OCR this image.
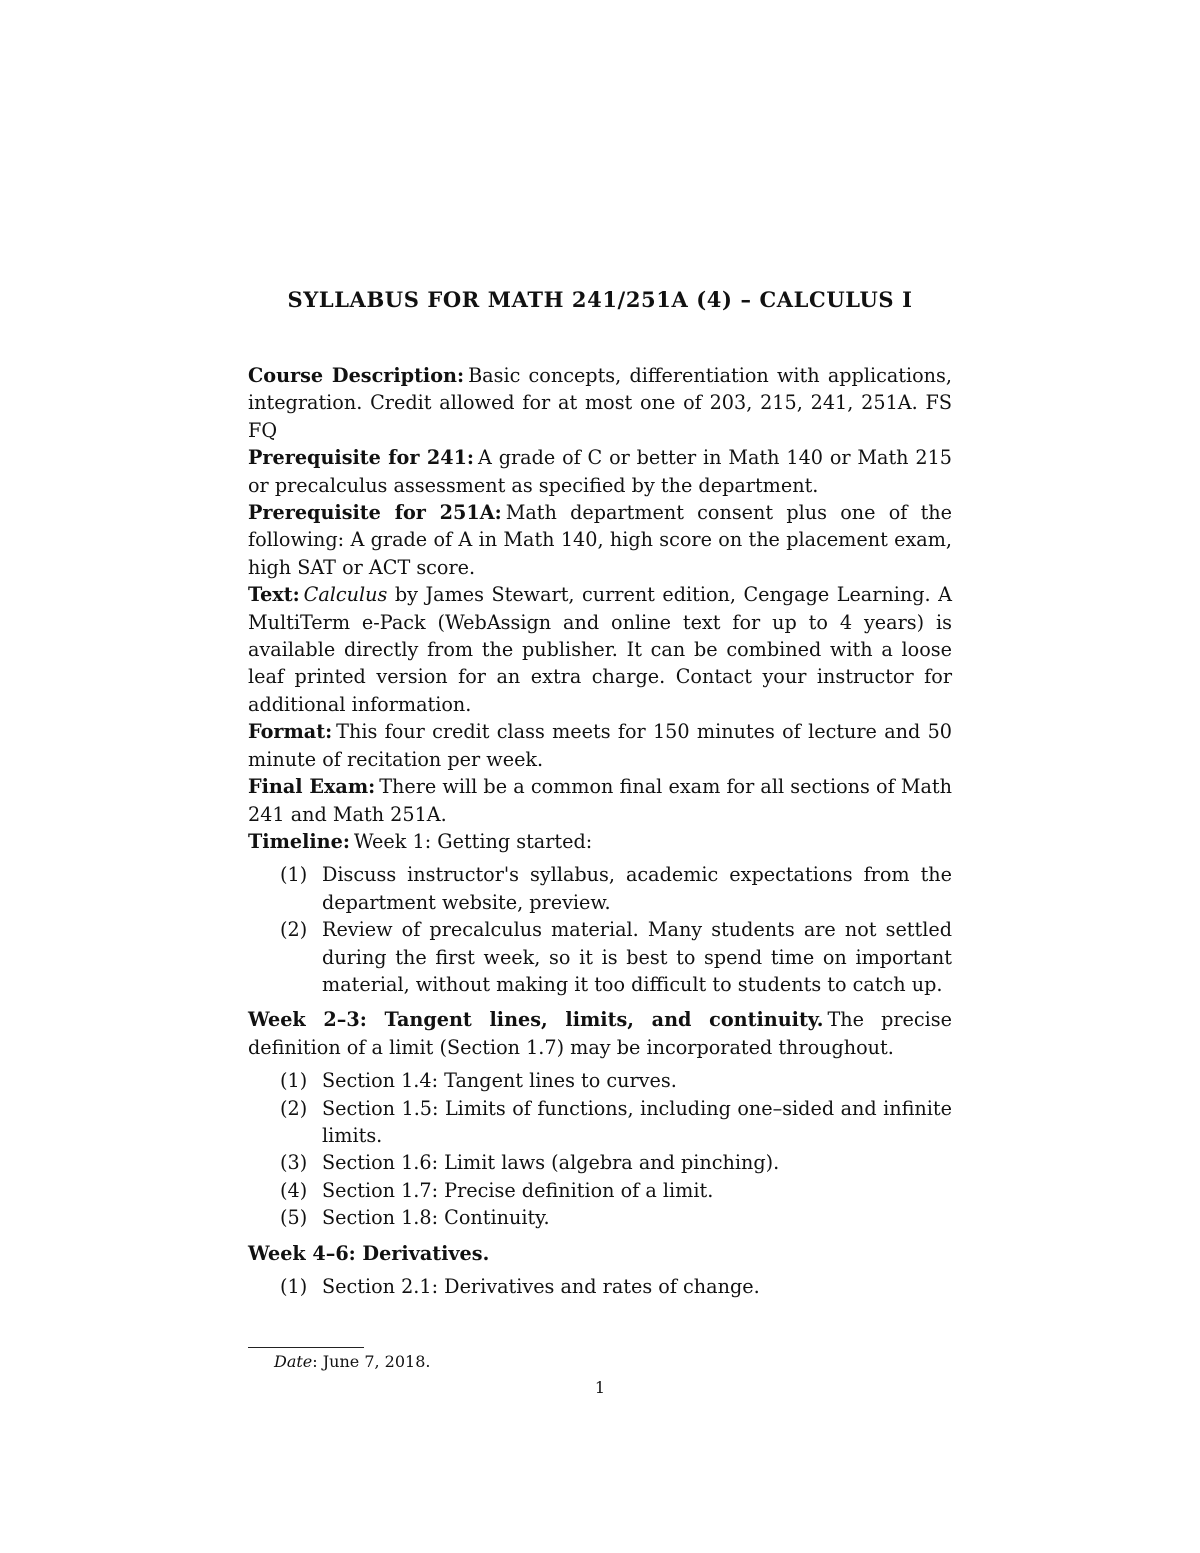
SYLLABUS FOR MATH 241/251A (4) – CALCULUS I

Course Description: Basic concepts, differentiation with applications, integration. Credit allowed for at most one of 203, 215, 241, 251A. FS FQ

Prerequisite for 241: A grade of C or better in Math 140 or Math 215 or precalculus assessment as specified by the department.

Prerequisite for 251A: Math department consent plus one of the following: A grade of A in Math 140, high score on the placement exam, high SAT or ACT score.

Text: Calculus by James Stewart, current edition, Cengage Learning. A MultiTerm e-Pack (WebAssign and online text for up to 4 years) is available directly from the publisher. It can be combined with a loose leaf printed version for an extra charge. Contact your instructor for additional information.

Format: This four credit class meets for 150 minutes of lecture and 50 minute of recitation per week.

Final Exam: There will be a common final exam for all sections of Math 241 and Math 251A.

Timeline: Week 1: Getting started:

(1) Discuss instructor's syllabus, academic expectations from the department website, preview.
(2) Review of precalculus material. Many students are not settled during the first week, so it is best to spend time on important material, without making it too difficult to students to catch up.

Week 2–3: Tangent lines, limits, and continuity. The precise definition of a limit (Section 1.7) may be incorporated throughout.

(1) Section 1.4: Tangent lines to curves.
(2) Section 1.5: Limits of functions, including one–sided and infinite limits.
(3) Section 1.6: Limit laws (algebra and pinching).
(4) Section 1.7: Precise definition of a limit.
(5) Section 1.8: Continuity.

Week 4–6: Derivatives.

(1) Section 2.1: Derivatives and rates of change.
Date: June 7, 2018.
1
